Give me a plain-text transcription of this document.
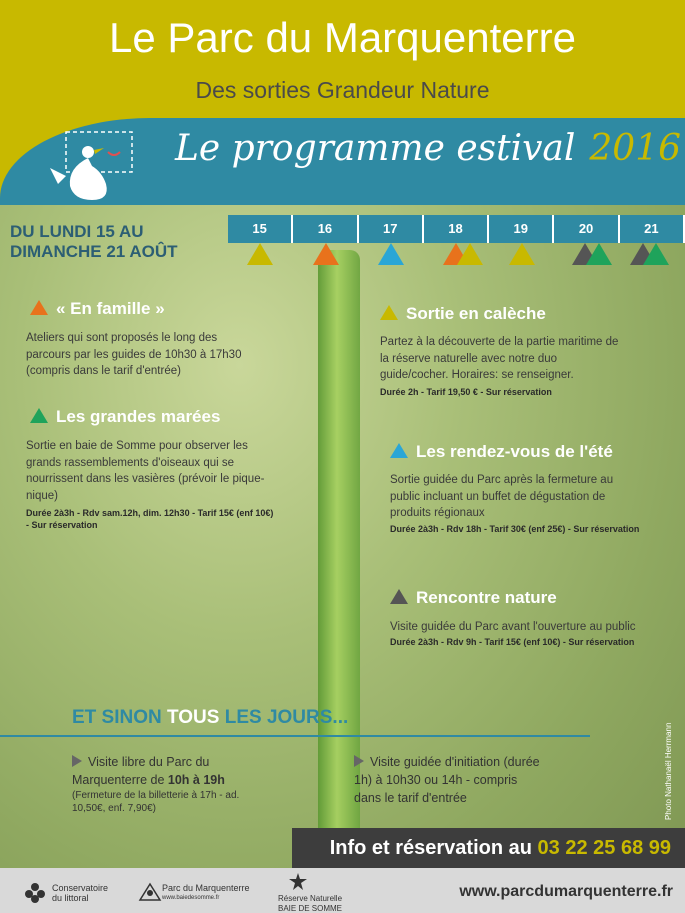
Le Parc du Marquenterre
Des sorties Grandeur Nature
Le programme estival 2016
DU LUNDI 15 AU
DIMANCHE 21 AOÛT
15	16	17	18	19	20	21
« En famille »
Ateliers qui sont proposés le long des
parcours par les guides de 10h30 à 17h30
(compris dans le tarif d'entrée)
Les grandes marées
Sortie en baie de Somme pour observer les
grands rassemblements d'oiseaux qui se
nourrissent dans les vasières (prévoir le pique-
nique)
Durée 2à3h - Rdv sam.12h, dim. 12h30 - Tarif 15€ (enf 10€)
- Sur réservation
Sortie en calèche
Partez à la découverte de la partie maritime de
la réserve naturelle avec notre duo
guide/cocher. Horaires: se renseigner.
Durée 2h - Tarif 19,50 € - Sur réservation
Les rendez-vous de l'été
Sortie guidée du Parc après la fermeture au
public incluant un buffet de dégustation de
produits régionaux
Durée 2à3h - Rdv 18h - Tarif 30€ (enf 25€) - Sur réservation
Rencontre nature
Visite guidée du Parc avant l'ouverture au public
Durée 2à3h - Rdv 9h - Tarif 15€ (enf 10€) - Sur réservation
ET SINON TOUS LES JOURS...
Visite libre du Parc du
Marquenterre de 10h à 19h
(Fermeture de la billetterie à 17h - ad.
10,50€, enf. 7,90€)
Visite guidée d'initiation (durée
1h) à 10h30 ou 14h - compris
dans le tarif d'entrée	Photo Nathanaël Herrmann
Info et réservation au 03 22 25 68 99
Conservatoire
du littoral
Parc du Marquenterre
www.baiedesomme.fr	Réserve Naturelle
BAIE DE SOMME
www.parcdumarquenterre.fr
